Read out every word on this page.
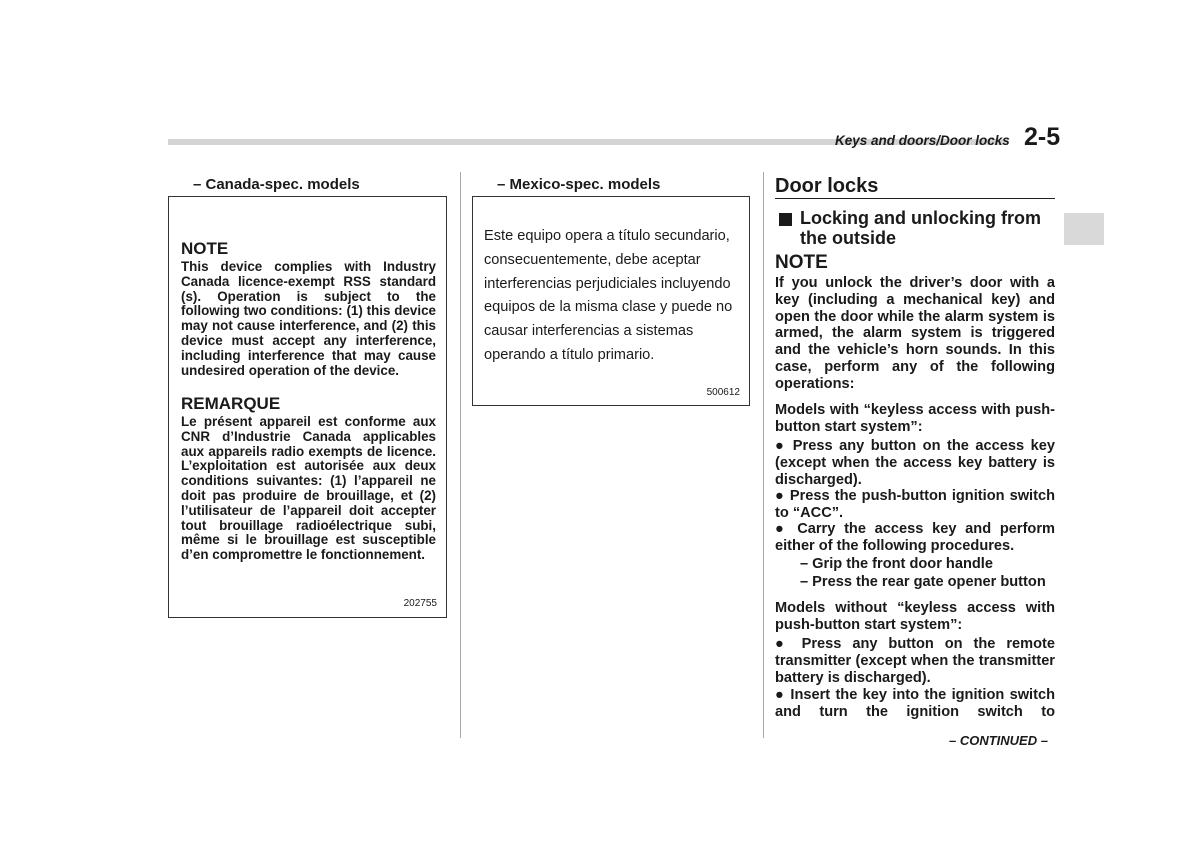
Keys and doors/Door locks 2-5
– Canada-spec. models
NOTE
This device complies with Industry Canada licence-exempt RSS standard (s). Operation is subject to the following two conditions: (1) this device may not cause interference, and (2) this device must accept any interference, including interference that may cause undesired operation of the device.
REMARQUE
Le présent appareil est conforme aux CNR d’Industrie Canada applicables aux appareils radio exempts de licence. L’exploitation est autorisée aux deux conditions suivantes: (1) l’appareil ne doit pas produire de brouillage, et (2) l’utilisateur de l’appareil doit accepter tout brouillage radioélectrique subi, même si le brouillage est susceptible d’en compromettre le fonctionnement.
202755
– Mexico-spec. models
Este equipo opera a título secundario, consecuentemente, debe aceptar interferencias perjudiciales incluyendo equipos de la misma clase y puede no causar interferencias a sistemas operando a título primario.
500612
Door locks
Locking and unlocking from the outside
NOTE
If you unlock the driver’s door with a key (including a mechanical key) and open the door while the alarm system is armed, the alarm system is triggered and the vehicle’s horn sounds. In this case, perform any of the following operations:
Models with “keyless access with push-button start system”:
● Press any button on the access key (except when the access key battery is discharged).
● Press the push-button ignition switch to “ACC”.
● Carry the access key and perform either of the following procedures.
– Grip the front door handle
– Press the rear gate opener button
Models without “keyless access with push-button start system”:
● Press any button on the remote transmitter (except when the transmitter battery is discharged).
● Insert the key into the ignition switch and turn the ignition switch to
– CONTINUED –
